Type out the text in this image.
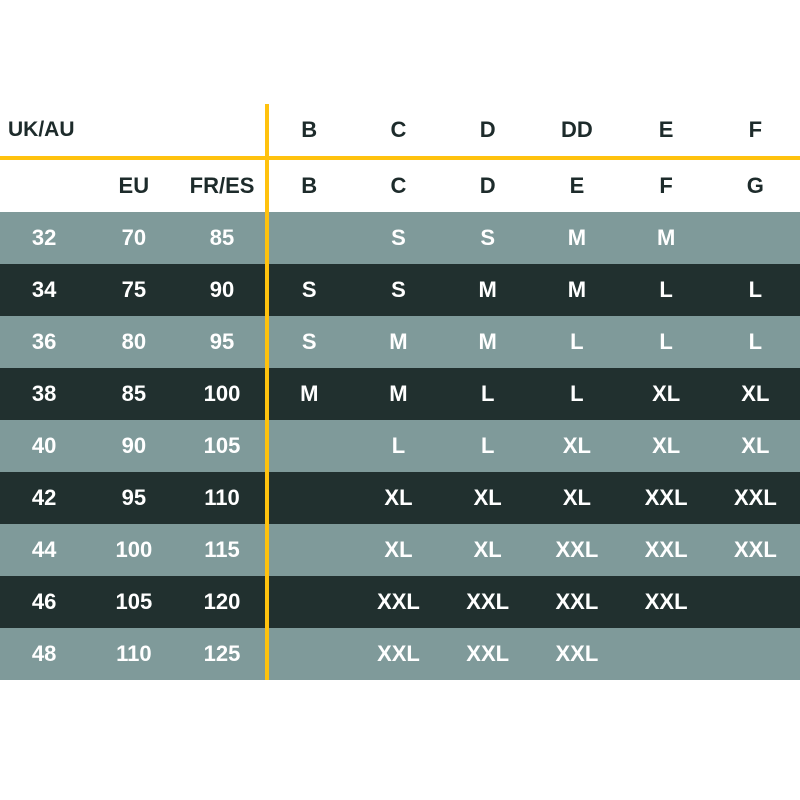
UK/AU			B	C	D	DD	E	F
	EU	FR/ES	B	C	D	E	F	G
32	70	85		S	S	M	M	
34	75	90	S	S	M	M	L	L
36	80	95	S	M	M	L	L	L
38	85	100	M	M	L	L	XL	XL
40	90	105		L	L	XL	XL	XL
42	95	110		XL	XL	XL	XXL	XXL
44	100	115		XL	XL	XXL	XXL	XXL
46	105	120		XXL	XXL	XXL	XXL	
48	110	125		XXL	XXL	XXL		
